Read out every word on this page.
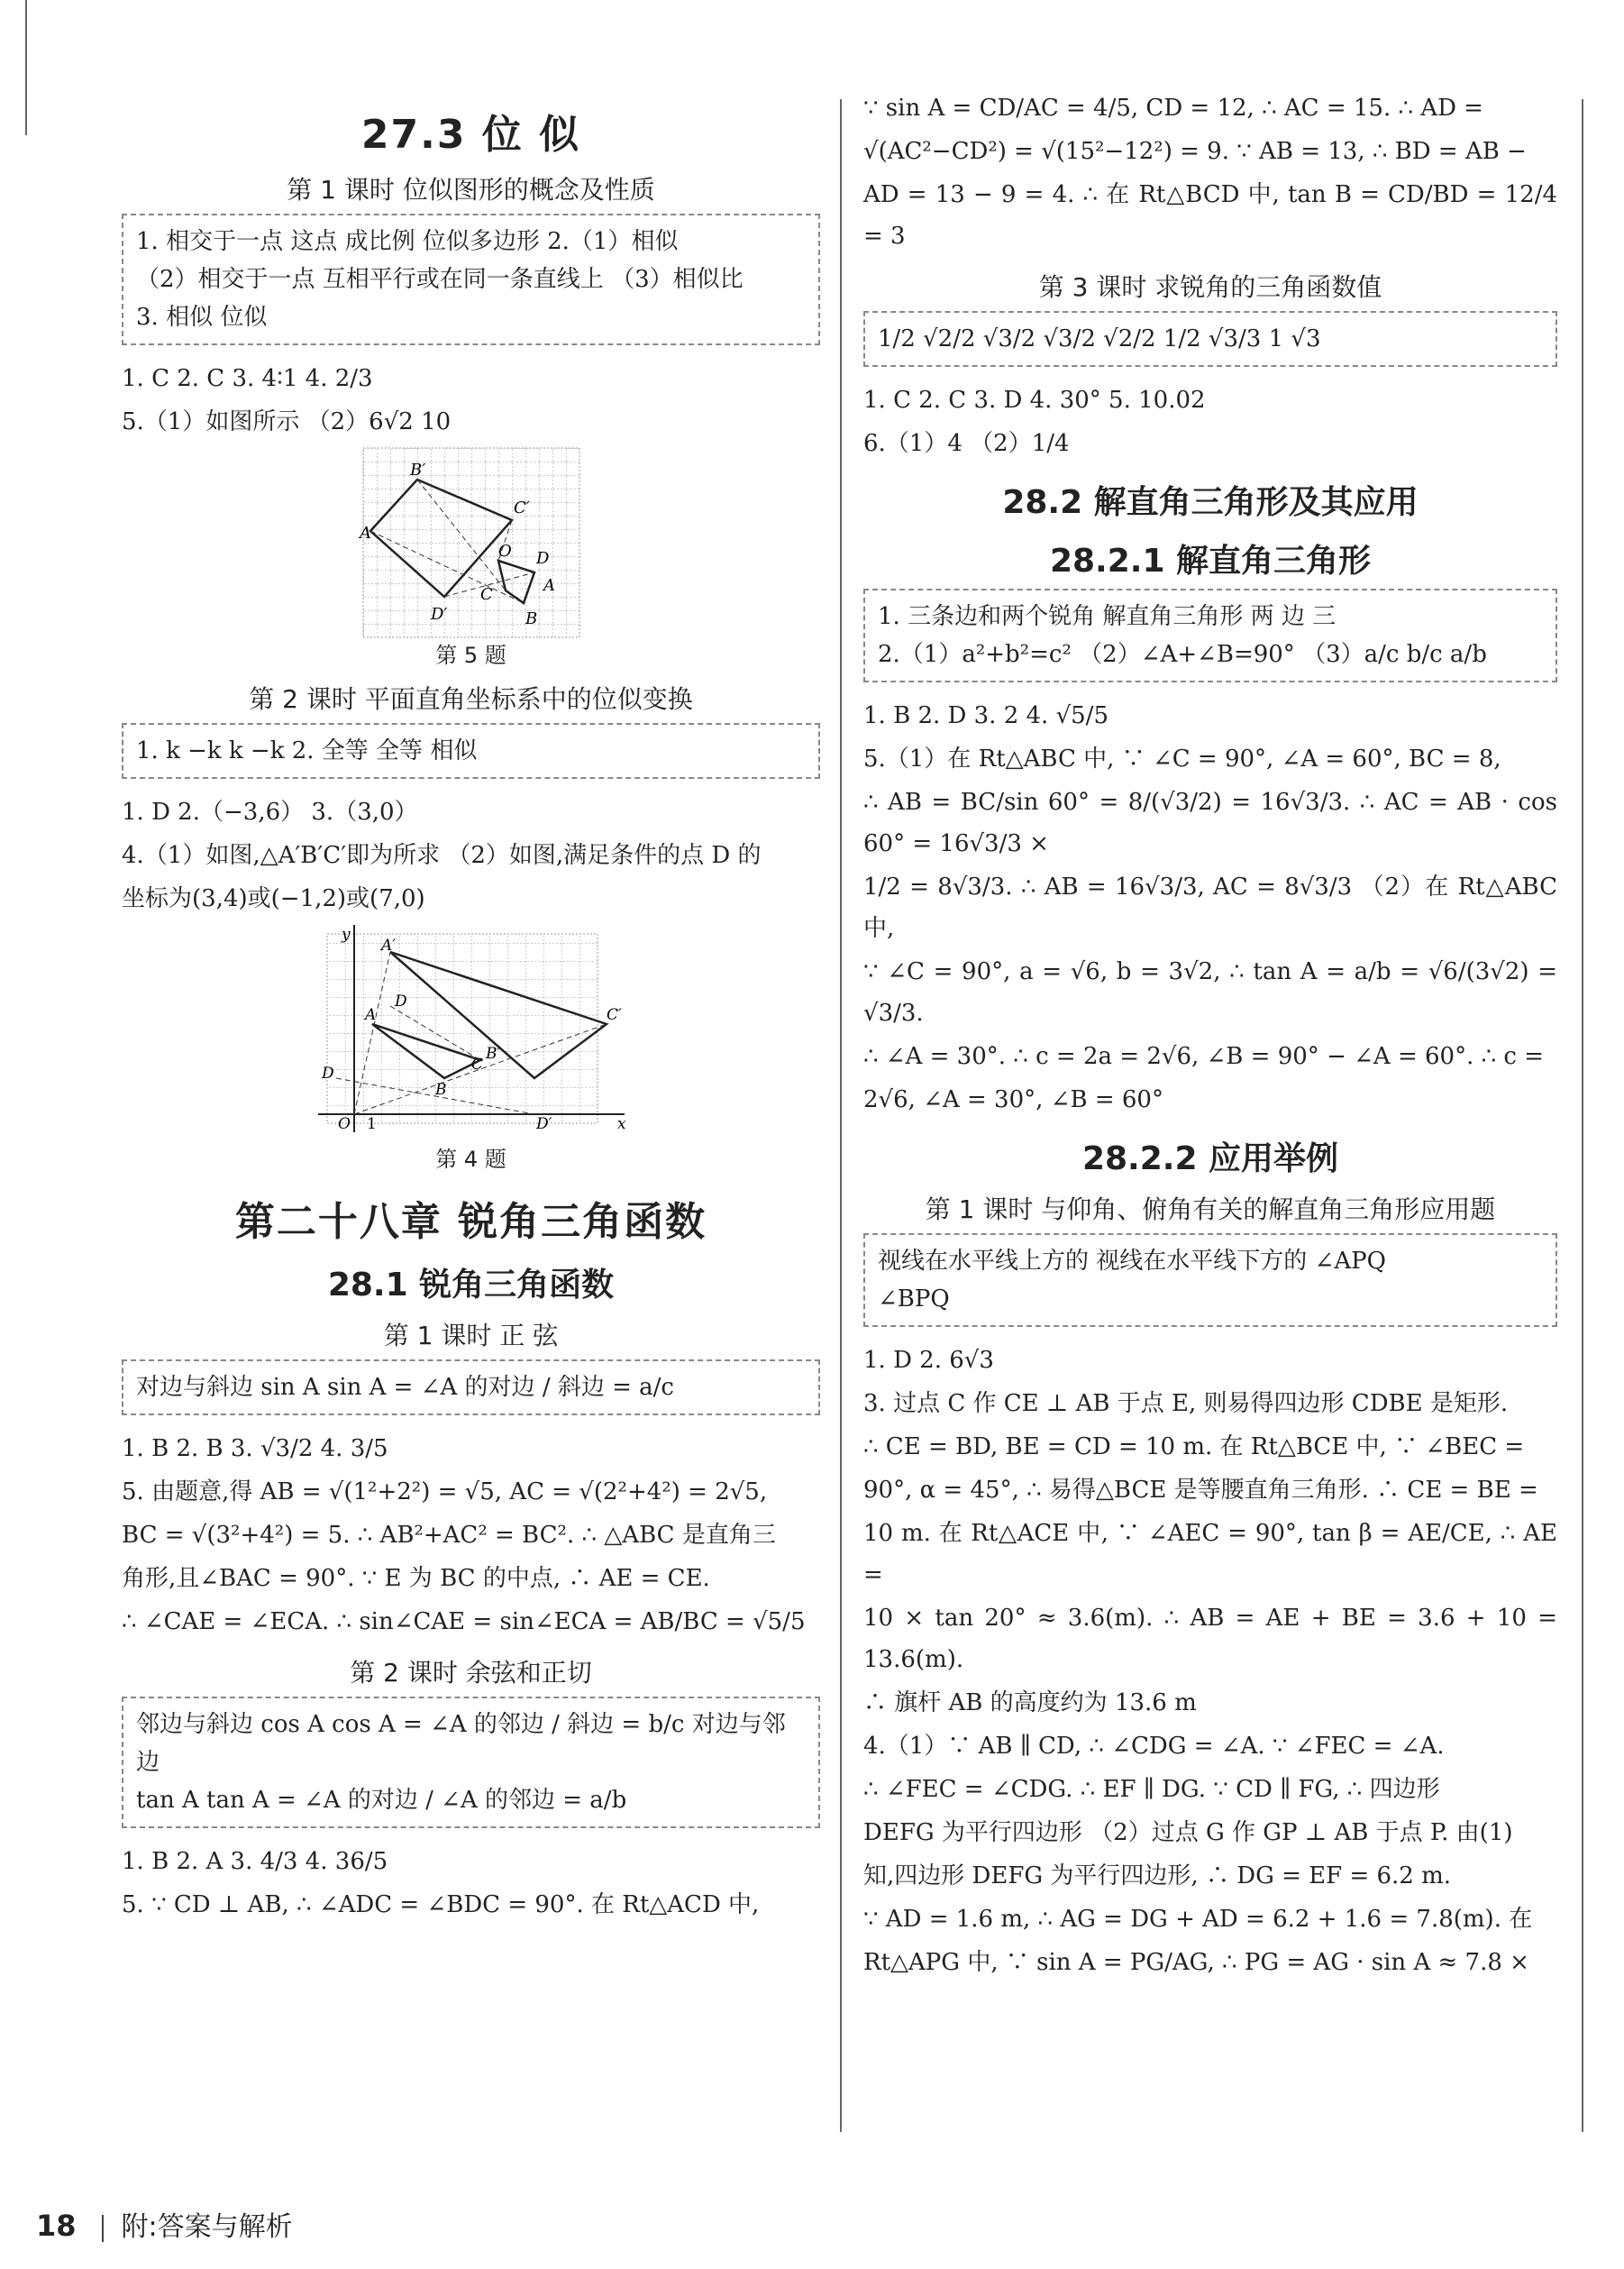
27.3 位 似
第 1 课时 位似图形的概念及性质
1. 相交于一点 这点 成比例 位似多边形 2.（1）相似
（2）相交于一点 互相平行或在同一条直线上 （3）相似比
3. 相似 位似
1. C 2. C 3. 4∶1 4. 2/3
5.（1）如图所示 （2）6√2 10
B′
C′
A′
D
O
C	A
D′	B
第 5 题
第 2 课时 平面直角坐标系中的位似变换
1. k −k k −k 2. 全等 全等 相似
1. D 2.（−3,6） 3.（3,0）
4.（1）如图,△A′B′C′即为所求 （2）如图,满足条件的点 D 的
坐标为(3,4)或(−1,2)或(7,0)
y
A′
D
A	C′
D
B′
C
B
O 1	D′	x
第 4 题
第二十八章 锐角三角函数
28.1 锐角三角函数
第 1 课时 正 弦
对边与斜边 sin A sin A = ∠A 的对边 / 斜边 = a/c
1. B 2. B 3. √3/2 4. 3/5
5. 由题意,得 AB = √(1²+2²) = √5, AC = √(2²+4²) = 2√5,
BC = √(3²+4²) = 5. ∴ AB²+AC² = BC². ∴ △ABC 是直角三
角形,且∠BAC = 90°. ∵ E 为 BC 的中点, ∴ AE = CE.
∴ ∠CAE = ∠ECA. ∴ sin∠CAE = sin∠ECA = AB/BC = √5/5
第 2 课时 余弦和正切
邻边与斜边 cos A cos A = ∠A 的邻边 / 斜边 = b/c 对边与邻边
tan A tan A = ∠A 的对边 / ∠A 的邻边 = a/b
1. B 2. A 3. 4/3 4. 36/5
5. ∵ CD ⊥ AB, ∴ ∠ADC = ∠BDC = 90°. 在 Rt△ACD 中,
∵ sin A = CD/AC = 4/5, CD = 12, ∴ AC = 15. ∴ AD =
√(AC²−CD²) = √(15²−12²) = 9. ∵ AB = 13, ∴ BD = AB −
AD = 13 − 9 = 4. ∴ 在 Rt△BCD 中, tan B = CD/BD = 12/4 = 3
第 3 课时 求锐角的三角函数值
1/2 √2/2 √3/2 √3/2 √2/2 1/2 √3/3 1 √3
1. C 2. C 3. D 4. 30° 5. 10.02
6.（1）4 （2）1/4
28.2 解直角三角形及其应用
28.2.1 解直角三角形
1. 三条边和两个锐角 解直角三角形 两 边 三
2.（1）a²+b²=c² （2）∠A+∠B=90° （3）a/c b/c a/b
1. B 2. D 3. 2 4. √5/5
5.（1）在 Rt△ABC 中, ∵ ∠C = 90°, ∠A = 60°, BC = 8,
∴ AB = BC/sin 60° = 8/(√3/2) = 16√3/3. ∴ AC = AB · cos 60° = 16√3/3 ×
1/2 = 8√3/3. ∴ AB = 16√3/3, AC = 8√3/3 （2）在 Rt△ABC 中,
∵ ∠C = 90°, a = √6, b = 3√2, ∴ tan A = a/b = √6/(3√2) = √3/3.
∴ ∠A = 30°. ∴ c = 2a = 2√6, ∠B = 90° − ∠A = 60°. ∴ c =
2√6, ∠A = 30°, ∠B = 60°
28.2.2 应用举例
第 1 课时 与仰角、俯角有关的解直角三角形应用题
视线在水平线上方的 视线在水平线下方的 ∠APQ
∠BPQ
1. D 2. 6√3
3. 过点 C 作 CE ⊥ AB 于点 E, 则易得四边形 CDBE 是矩形.
∴ CE = BD, BE = CD = 10 m. 在 Rt△BCE 中, ∵ ∠BEC =
90°, α = 45°, ∴ 易得△BCE 是等腰直角三角形. ∴ CE = BE =
10 m. 在 Rt△ACE 中, ∵ ∠AEC = 90°, tan β = AE/CE, ∴ AE =
10 × tan 20° ≈ 3.6(m). ∴ AB = AE + BE = 3.6 + 10 = 13.6(m).
∴ 旗杆 AB 的高度约为 13.6 m
4.（1）∵ AB ∥ CD, ∴ ∠CDG = ∠A. ∵ ∠FEC = ∠A.
∴ ∠FEC = ∠CDG. ∴ EF ∥ DG. ∵ CD ∥ FG, ∴ 四边形
DEFG 为平行四边形 （2）过点 G 作 GP ⊥ AB 于点 P. 由(1)
知,四边形 DEFG 为平行四边形, ∴ DG = EF = 6.2 m.
∵ AD = 1.6 m, ∴ AG = DG + AD = 6.2 + 1.6 = 7.8(m). 在
Rt△APG 中, ∵ sin A = PG/AG, ∴ PG = AG · sin A ≈ 7.8 ×
18 附:答案与解析
